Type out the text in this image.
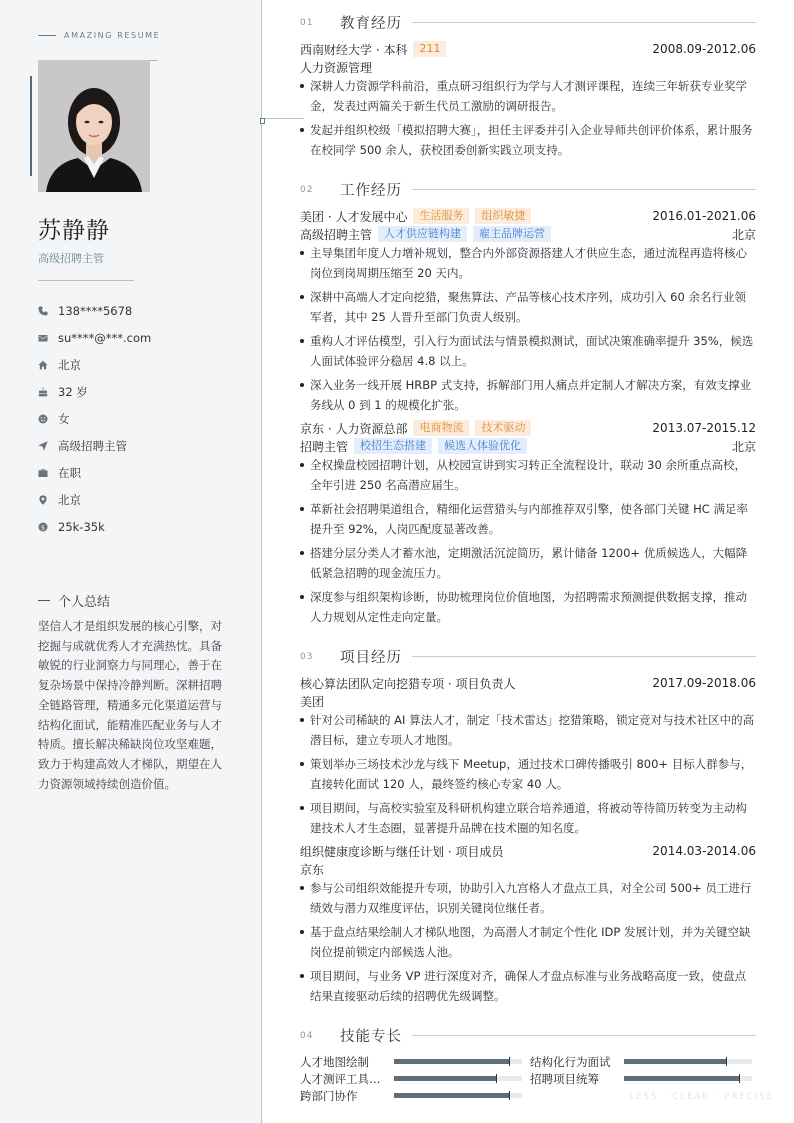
AMAZING RESUME
苏静静
高级招聘主管
138****5678
su****@***.com
北京
32 岁
女
高级招聘主管
在职
北京
$ 25k-35k
个人总结

坚信人才是组织发展的核心引擎，对挖掘与成就优秀人才充满热忱。具备敏锐的行业洞察力与同理心，善于在复杂场景中保持冷静判断。深耕招聘全链路管理，精通多元化渠道运营与结构化面试，能精准匹配业务与人才特质。擅长解决稀缺岗位攻坚难题，致力于构建高效人才梯队，期望在人力资源领域持续创造价值。

01	教育经历
西南财经大学 · 本科	211	2008.09-2012.06
人力资源管理
深耕人力资源学科前沿，重点研习组织行为学与人才测评课程，连续三年斩获专业奖学金，发表过两篇关于新生代员工激励的调研报告。
发起并组织校级「模拟招聘大赛」，担任主评委并引入企业导师共创评价体系，累计服务在校同学 500 余人，获校团委创新实践立项支持。
02	工作经历
美团 · 人才发展中心	生活服务	组织敏捷	2016.01-2021.06
高级招聘主管	人才供应链构建	雇主品牌运营	北京
主导集团年度人力增补规划，整合内外部资源搭建人才供应生态，通过流程再造将核心岗位到岗周期压缩至 20 天内。
深耕中高端人才定向挖猎，聚焦算法、产品等核心技术序列，成功引入 60 余名行业领军者，其中 25 人晋升至部门负责人级别。
重构人才评估模型，引入行为面试法与情景模拟测试，面试决策准确率提升 35%，候选人面试体验评分稳居 4.8 以上。
深入业务一线开展 HRBP 式支持，拆解部门用人痛点并定制人才解决方案，有效支撑业务线从 0 到 1 的规模化扩张。
京东 · 人力资源总部	电商物流	技术驱动	2013.07-2015.12
招聘主管	校招生态搭建	候选人体验优化	北京
全权操盘校园招聘计划，从校园宣讲到实习转正全流程设计，联动 30 余所重点高校，全年引进 250 名高潜应届生。
革新社会招聘渠道组合，精细化运营猎头与内部推荐双引擎，使各部门关键 HC 满足率提升至 92%，人岗匹配度显著改善。
搭建分层分类人才蓄水池，定期激活沉淀简历，累计储备 1200+ 优质候选人，大幅降低紧急招聘的现金流压力。
深度参与组织架构诊断，协助梳理岗位价值地图，为招聘需求预测提供数据支撑，推动人力规划从定性走向定量。
03	项目经历
核心算法团队定向挖猎专项 · 项目负责人	2017.09-2018.06
美团
针对公司稀缺的 AI 算法人才，制定「技术雷达」挖猎策略，锁定竞对与技术社区中的高潜目标，建立专项人才地图。
策划举办三场技术沙龙与线下 Meetup，通过技术口碑传播吸引 800+ 目标人群参与，直接转化面试 120 人，最终签约核心专家 40 人。
项目期间，与高校实验室及科研机构建立联合培养通道，将被动等待简历转变为主动构建技术人才生态圈，显著提升品牌在技术圈的知名度。
组织健康度诊断与继任计划 · 项目成员	2014.03-2014.06
京东
参与公司组织效能提升专项，协助引入九宫格人才盘点工具，对全公司 500+ 员工进行绩效与潜力双维度评估，识别关键岗位继任者。
基于盘点结果绘制人才梯队地图，为高潜人才制定个性化 IDP 发展计划，并为关键空缺岗位提前锁定内部候选人池。
项目期间，与业务 VP 进行深度对齐，确保人才盘点标准与业务战略高度一致，使盘点结果直接驱动后续的招聘优先级调整。
04	技能专长
人才地图绘制	结构化行为面试
人才测评工具…	招聘项目统筹
跨部门协作	LESS · CLEAR · PRECISE
